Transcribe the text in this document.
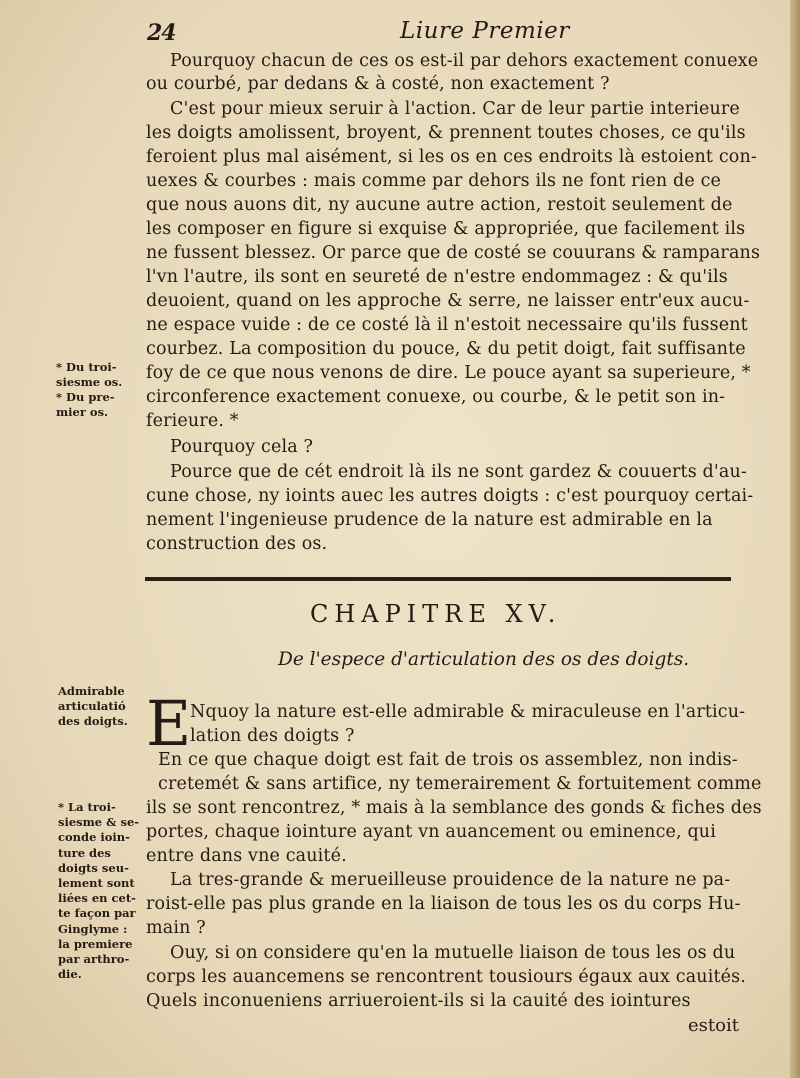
24	Liure Premier
Pourquoy chacun de ces os est-il par dehors exactement conuexe
ou courbé, par dedans & à costé, non exactement ?
C'est pour mieux seruir à l'action. Car de leur partie interieure
les doigts amolissent, broyent, & prennent toutes choses, ce qu'ils
feroient plus mal aisément, si les os en ces endroits là estoient con-
uexes & courbes : mais comme par dehors ils ne font rien de ce
que nous auons dit, ny aucune autre action, restoit seulement de
les composer en figure si exquise & appropriée, que facilement ils
ne fussent blessez. Or parce que de costé se couurans & ramparans
l'vn l'autre, ils sont en seureté de n'estre endommagez : & qu'ils
deuoient, quand on les approche & serre, ne laisser entr'eux aucu-
ne espace vuide : de ce costé là il n'estoit necessaire qu'ils fussent
courbez. La composition du pouce, & du petit doigt, fait suffisante
foy de ce que nous venons de dire. Le pouce ayant sa superieure, *
circonference exactement conuexe, ou courbe, & le petit son in-
ferieure. *
Pourquoy cela ?
Pource que de cét endroit là ils ne sont gardez & couuerts d'au-
cune chose, ny ioints auec les autres doigts : c'est pourquoy certai-
nement l'ingenieuse prudence de la nature est admirable en la
construction des os.
CHAPITRE XV.
De l'espece d'articulation des os des doigts.
E
Nquoy la nature est-elle admirable & miraculeuse en l'articu-
lation des doigts ?
En ce que chaque doigt est fait de trois os assemblez, non indis-
cretemét & sans artifice, ny temerairement & fortuitement comme
ils se sont rencontrez, * mais à la semblance des gonds & fiches des
portes, chaque iointure ayant vn auancement ou eminence, qui
entre dans vne cauité.
La tres-grande & merueilleuse prouidence de la nature ne pa-
roist-elle pas plus grande en la liaison de tous les os du corps Hu-
main ?
Ouy, si on considere qu'en la mutuelle liaison de tous les os du
corps les auancemens se rencontrent tousiours égaux aux cauités.
Quels inconueniens arriueroient-ils si la cauité des iointures
estoit
* Du troi-
siesme os.
* Du pre-
mier os.
Admirable
articulatió
des doigts.
* La troi-
siesme & se-
conde ioin-
ture des
doigts seu-
lement sont
liées en cet-
te façon par
Ginglyme :
la premiere
par arthro-
die.
